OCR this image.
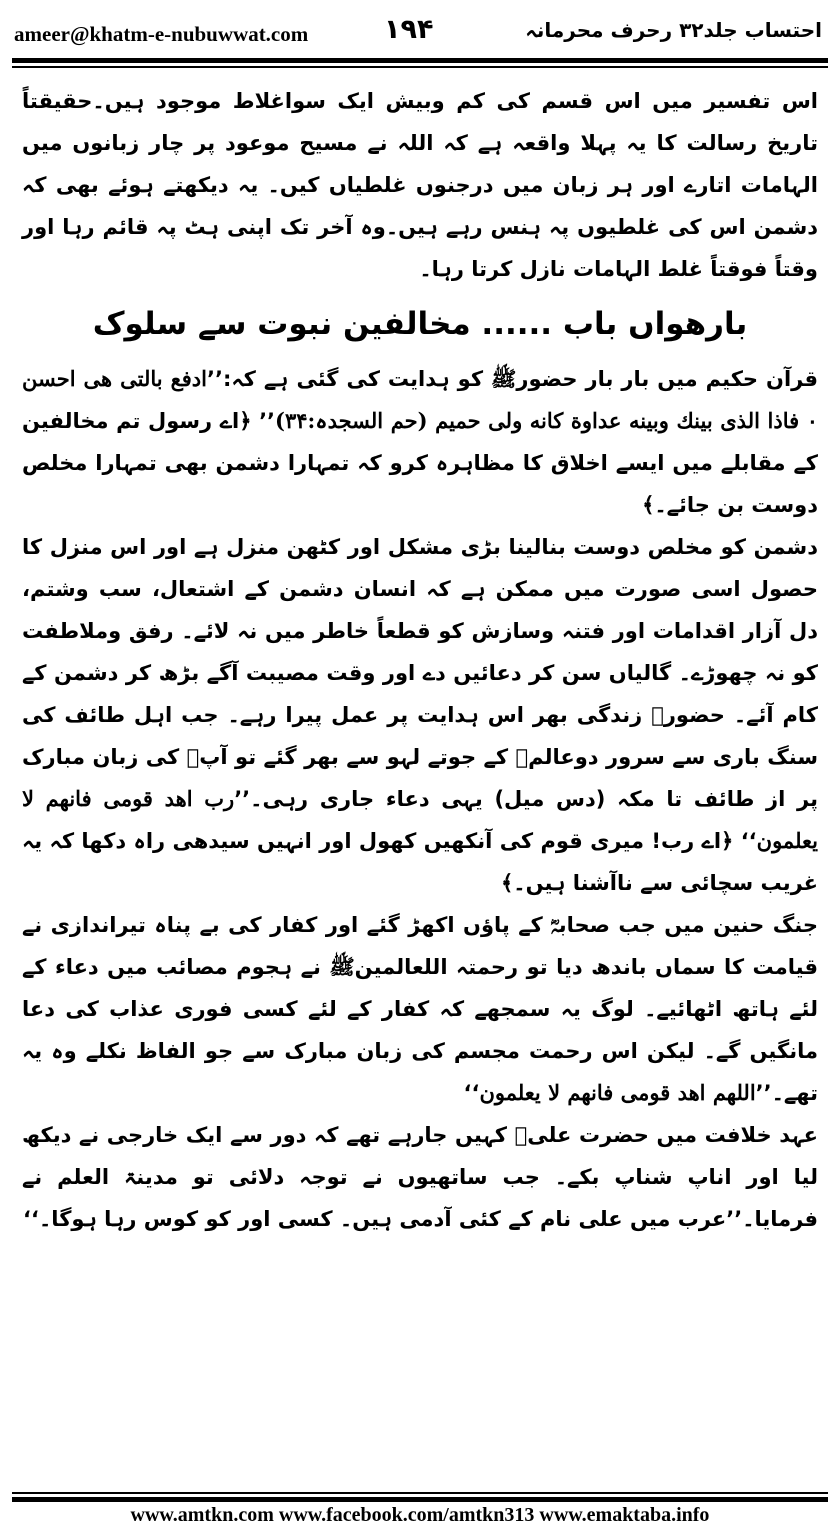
ameer@khatm-e-nubuwwat.com	۱۹۴	احتساب جلد۳۲ رحرف محرمانہ

اس تفسیر میں اس قسم کی کم وبیش ایک سواغلاط موجود ہیں۔حقیقتاً تاریخ رسالت کا یہ پہلا واقعہ ہے کہ اللہ نے مسیح موعود پر چار زبانوں میں الہامات اتارے اور ہر زبان میں درجنوں غلطیاں کیں۔ یہ دیکھتے ہوئے بھی کہ دشمن اس کی غلطیوں پہ ہنس رہے ہیں۔وہ آخر تک اپنی ہٹ پہ قائم رہا اور وقتاً فوقتاً غلط الہامات نازل کرتا رہا۔

بارھواں باب ...... مخالفین نبوت سے سلوک

قرآن حکیم میں بار بار حضورﷺ کو ہدایت کی گئی ہے کہ:’’ادفع بالتی ھی احسن ۰ فاذا الذی بینك وبینه عداوة کانه ولی حمیم (حم السجدہ:۳۴)’’ ﴿اے رسول تم مخالفین کے مقابلے میں ایسے اخلاق کا مظاہرہ کرو کہ تمہارا دشمن بھی تمہارا مخلص دوست بن جائے۔﴾

دشمن کو مخلص دوست بنالینا بڑی مشکل اور کٹھن منزل ہے اور اس منزل کا حصول اسی صورت میں ممکن ہے کہ انسان دشمن کے اشتعال، سب وشتم، دل آزار اقدامات اور فتنہ وسازش کو قطعاً خاطر میں نہ لائے۔ رفق وملاطفت کو نہ چھوڑے۔ گالیاں سن کر دعائیں دے اور وقت مصیبت آگے بڑھ کر دشمن کے کام آئے۔ حضورﷺ زندگی بھر اس ہدایت پر عمل پیرا رہے۔ جب اہل طائف کی سنگ باری سے سرور دوعالمﷺ کے جوتے لہو سے بھر گئے تو آپؐ کی زبان مبارک پر از طائف تا مکہ (دس میل) یہی دعاء جاری رہی۔’’رب اھد قومی فانھم لا یعلمون‘‘ ﴿اے رب! میری قوم کی آنکھیں کھول اور انہیں سیدھی راہ دکھا کہ یہ غریب سچائی سے ناآشنا ہیں۔﴾

جنگ حنین میں جب صحابہؓ کے پاؤں اکھڑ گئے اور کفار کی بے پناہ تیراندازی نے قیامت کا سماں باندھ دیا تو رحمتہ اللعالمینﷺ نے ہجوم مصائب میں دعاء کے لئے ہاتھ اٹھائیے۔ لوگ یہ سمجھے کہ کفار کے لئے کسی فوری عذاب کی دعا مانگیں گے۔ لیکن اس رحمت مجسم کی زبان مبارک سے جو الفاظ نکلے وہ یہ تھے۔’’اللھم اھد قومی فانھم لا یعلمون‘‘

عہد خلافت میں حضرت علیؓ کہیں جارہے تھے کہ دور سے ایک خارجی نے دیکھ لیا اور اناپ شناپ بکے۔ جب ساتھیوں نے توجہ دلائی تو مدینۃ العلم نے فرمایا۔’’عرب میں علی نام کے کئی آدمی ہیں۔ کسی اور کو کوس رہا ہوگا۔‘‘

www.amtkn.com www.facebook.com/amtkn313 www.emaktaba.info
